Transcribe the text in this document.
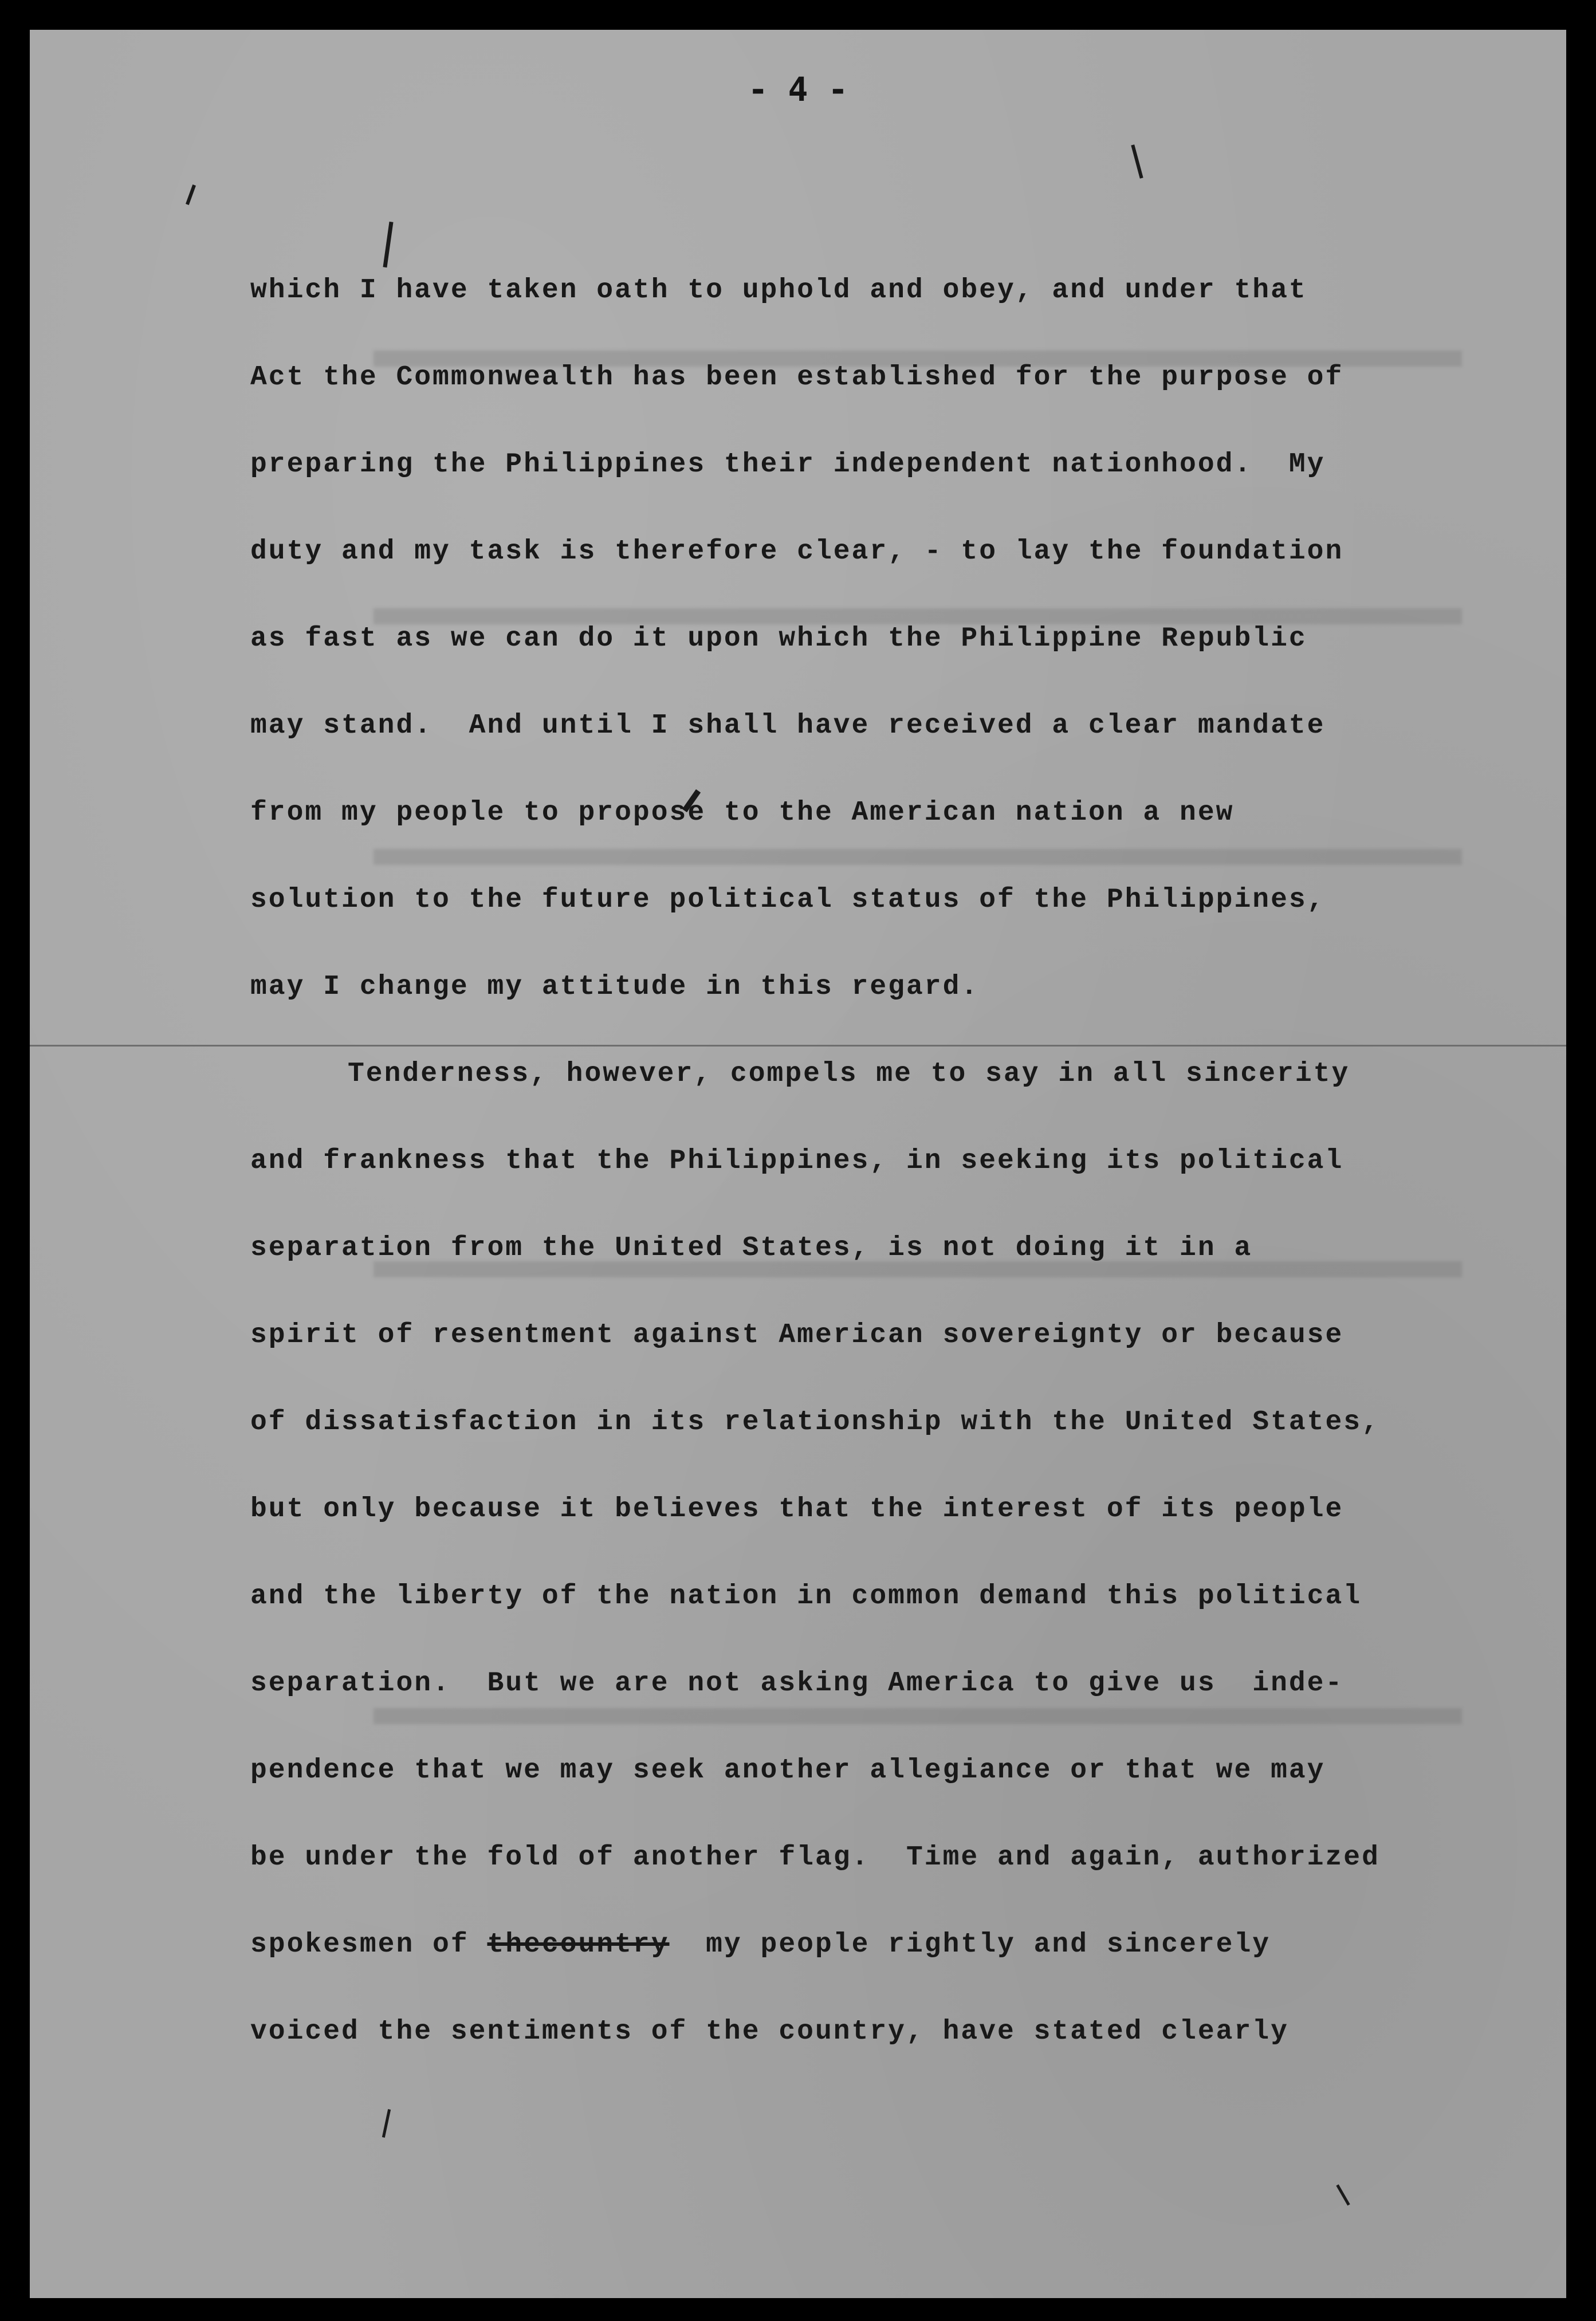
- 4 -

which I have taken oath to uphold and obey, and under that

Act the Commonwealth has been established for the purpose of

preparing the Philippines their independent nationhood.  My

duty and my task is therefore clear, - to lay the foundation

as fast as we can do it upon which the Philippine Republic

may stand.  And until I shall have received a clear mandate

from my people to propose to the American nation a new

solution to the future political status of the Philippines,

may I change my attitude in this regard.

Tenderness, however, compels me to say in all sincerity

and frankness that the Philippines, in seeking its political

separation from the United States, is not doing it in a

spirit of resentment against American sovereignty or because

of dissatisfaction in its relationship with the United States,

but only because it believes that the interest of its people

and the liberty of the nation in common demand this political

separation.  But we are not asking America to give us  inde-

pendence that we may seek another allegiance or that we may

be under the fold of another flag.  Time and again, authorized

spokesmen of thecountry  my people rightly and sincerely

voiced the sentiments of the country, have stated clearly
